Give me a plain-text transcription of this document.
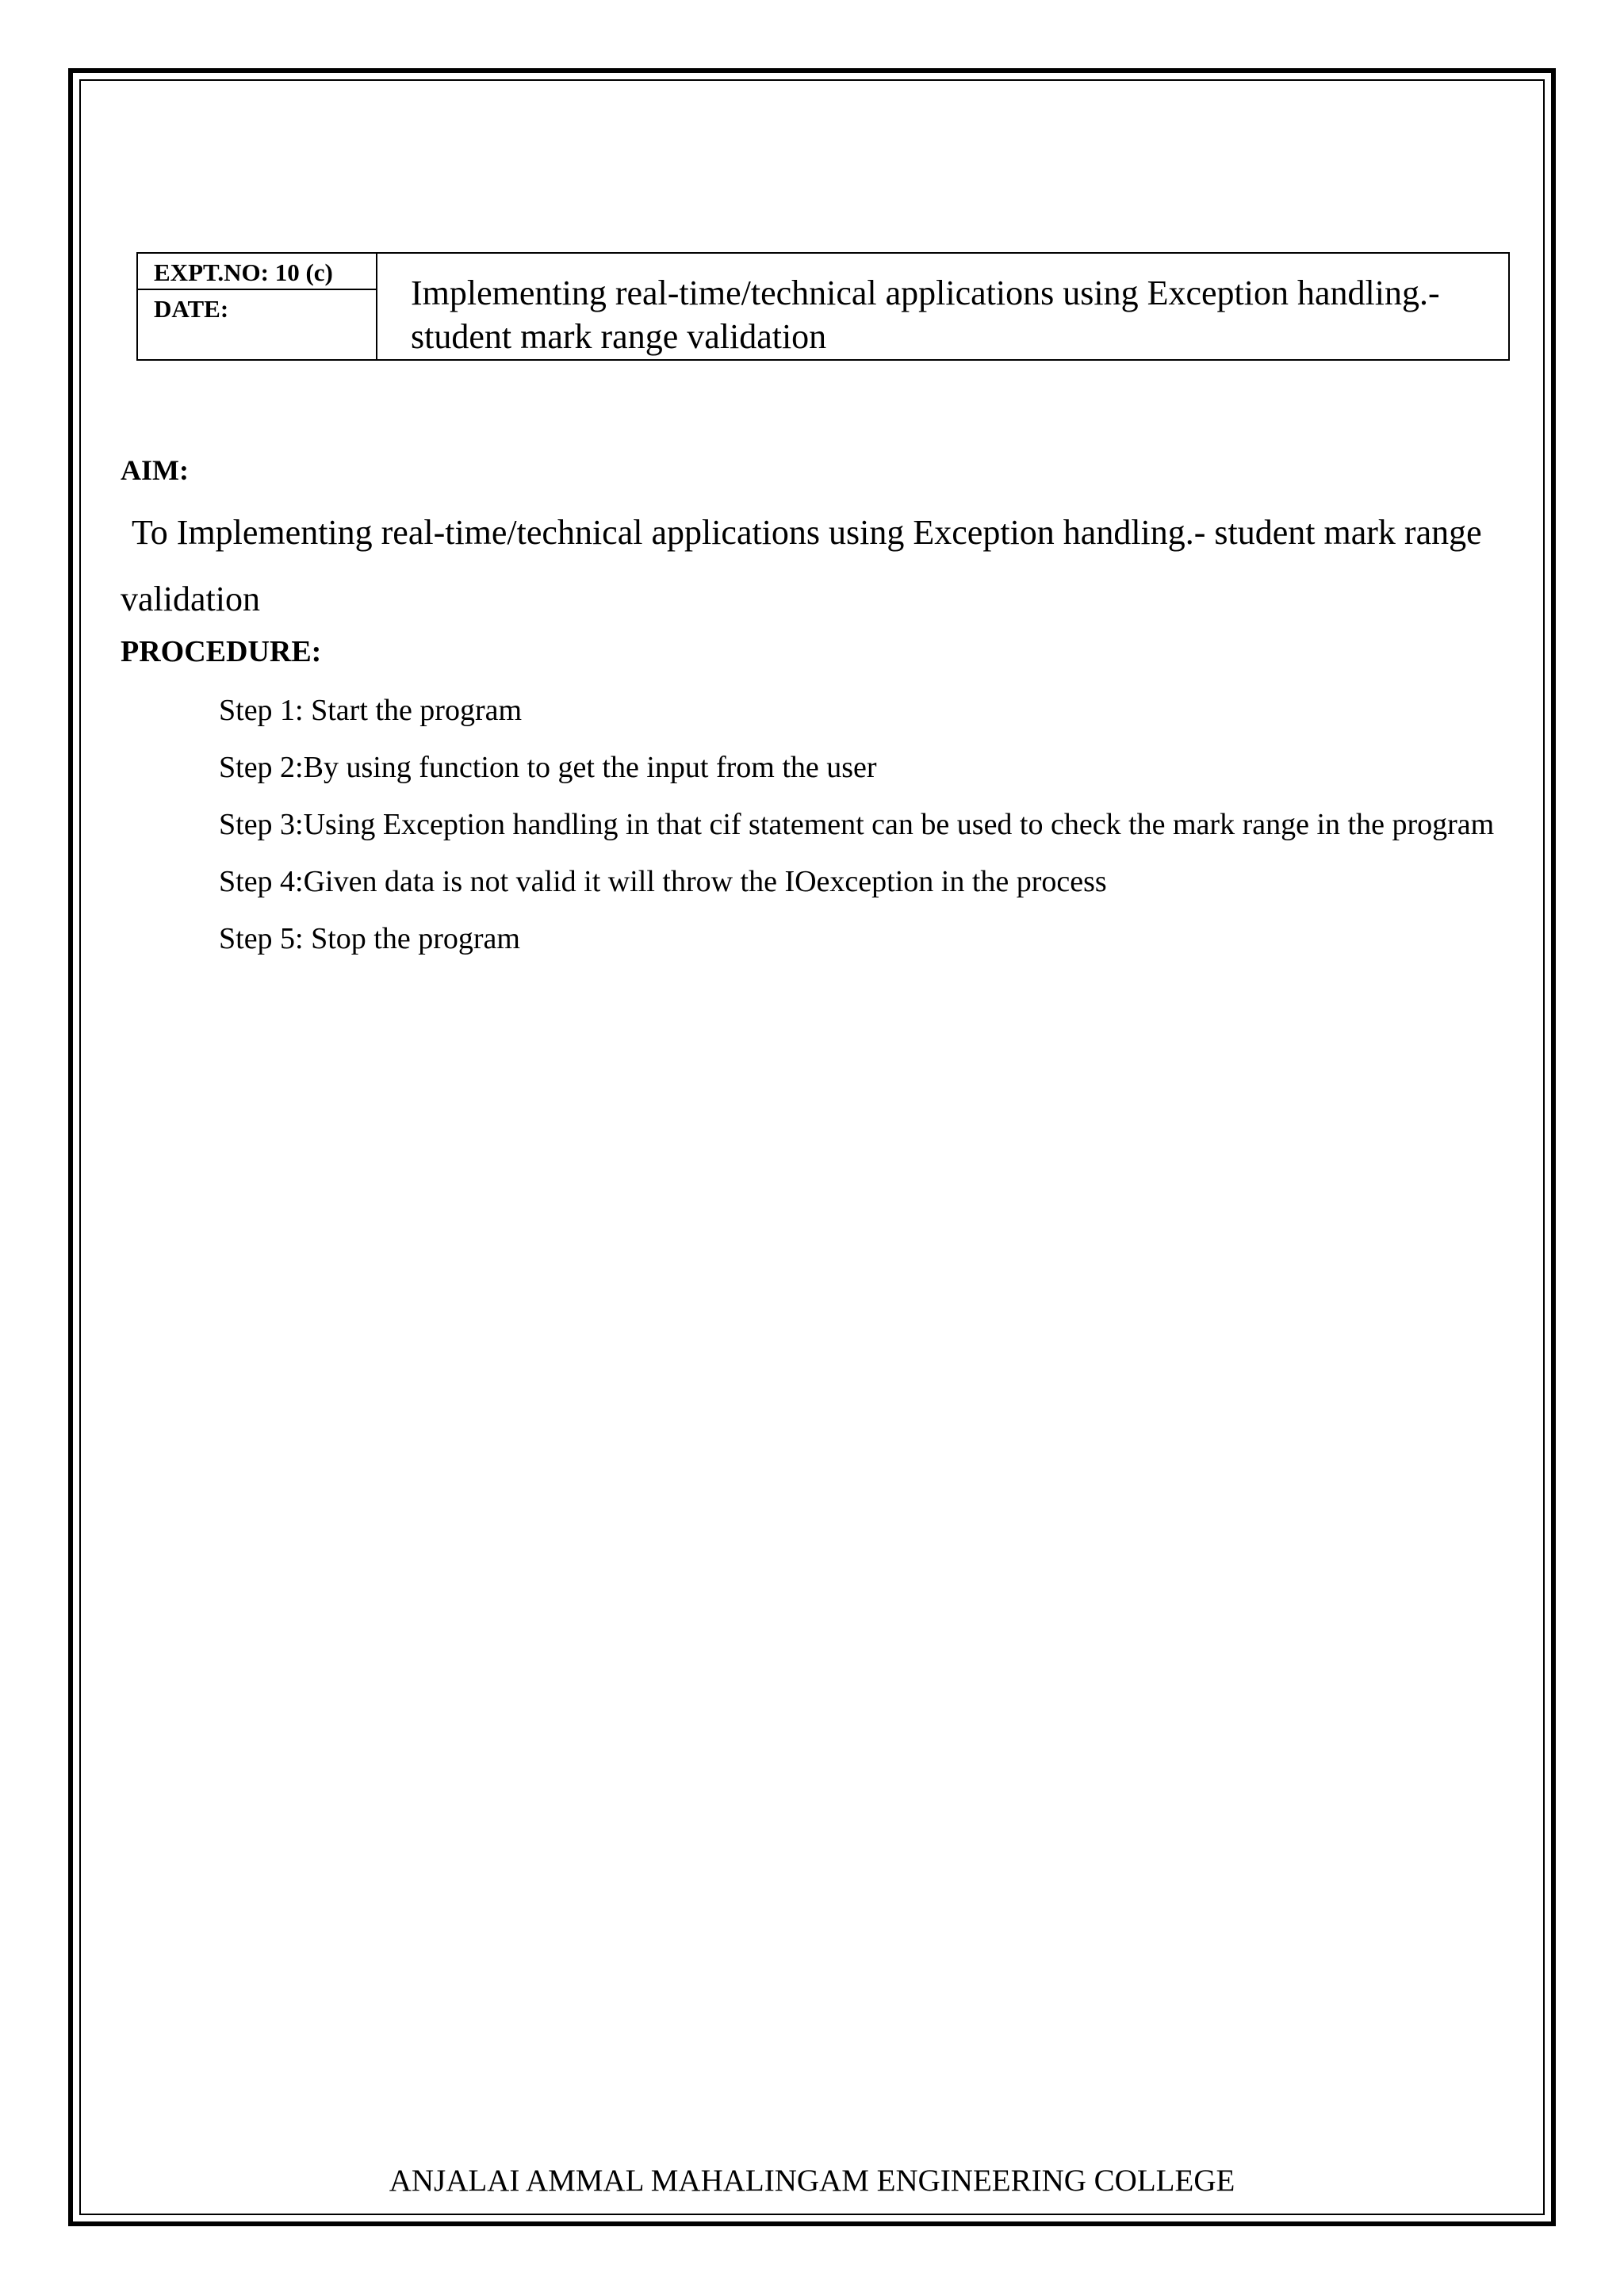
EXPT.NO: 10 (c)
DATE:	Implementing real-time/technical applications using Exception handling.- student mark range validation
AIM:
To Implementing real-time/technical applications using Exception handling.- student mark range validation
PROCEDURE:

Step 1: Start the program

Step 2:By using function to get the input from the user

Step 3:Using Exception handling in that cif statement can be used to check the mark range in the program

Step 4:Given data is not valid it will throw the IOexception in the process

Step 5: Stop the program

ANJALAI AMMAL MAHALINGAM ENGINEERING COLLEGE
